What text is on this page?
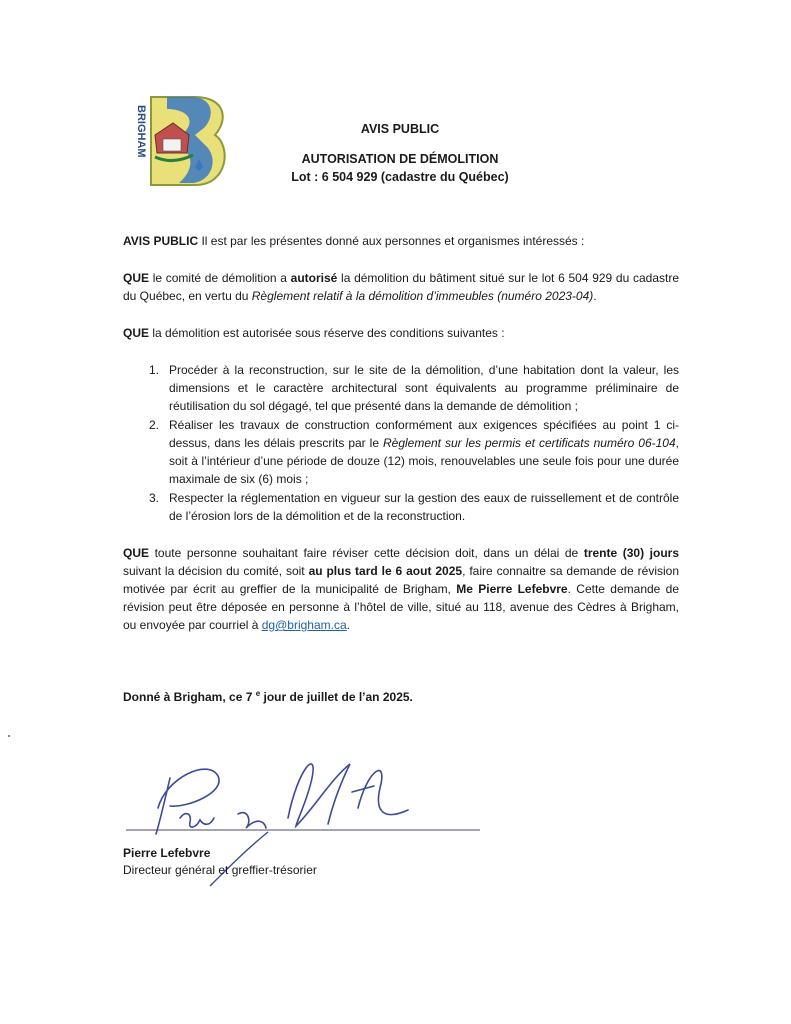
BRIGHAM	AVIS PUBLIC
AUTORISATION DE DÉMOLITION
Lot : 6 504 929 (cadastre du Québec)

AVIS PUBLIC Il est par les présentes donné aux personnes et organismes intéressés :

QUE le comité de démolition a autorisé la démolition du bâtiment situé sur le lot 6 504 929 du cadastre du Québec, en vertu du Règlement relatif à la démolition d’immeubles (numéro 2023-04).

QUE la démolition est autorisée sous réserve des conditions suivantes :

1. Procéder à la reconstruction, sur le site de la démolition, d’une habitation dont la valeur, les dimensions et le caractère architectural sont équivalents au programme préliminaire de réutilisation du sol dégagé, tel que présenté dans la demande de démolition ;
2. Réaliser les travaux de construction conformément aux exigences spécifiées au point 1 ci-dessus, dans les délais prescrits par le Règlement sur les permis et certificats numéro 06-104, soit à l’intérieur d’une période de douze (12) mois, renouvelables une seule fois pour une durée maximale de six (6) mois ;
3. Respecter la réglementation en vigueur sur la gestion des eaux de ruissellement et de contrôle de l’érosion lors de la démolition et de la reconstruction.

QUE toute personne souhaitant faire réviser cette décision doit, dans un délai de trente (30) jours suivant la décision du comité, soit au plus tard le 6 aout 2025, faire connaitre sa demande de révision motivée par écrit au greffier de la municipalité de Brigham, Me Pierre Lefebvre. Cette demande de révision peut être déposée en personne à l’hôtel de ville, situé au 118, avenue des Cèdres à Brigham, ou envoyée par courriel à dg@brigham.ca.

Donné à Brigham, ce 7 $^e$ jour de juillet de l’an 2025.
Pierre Lefebvre
Directeur général et greffier-trésorier
